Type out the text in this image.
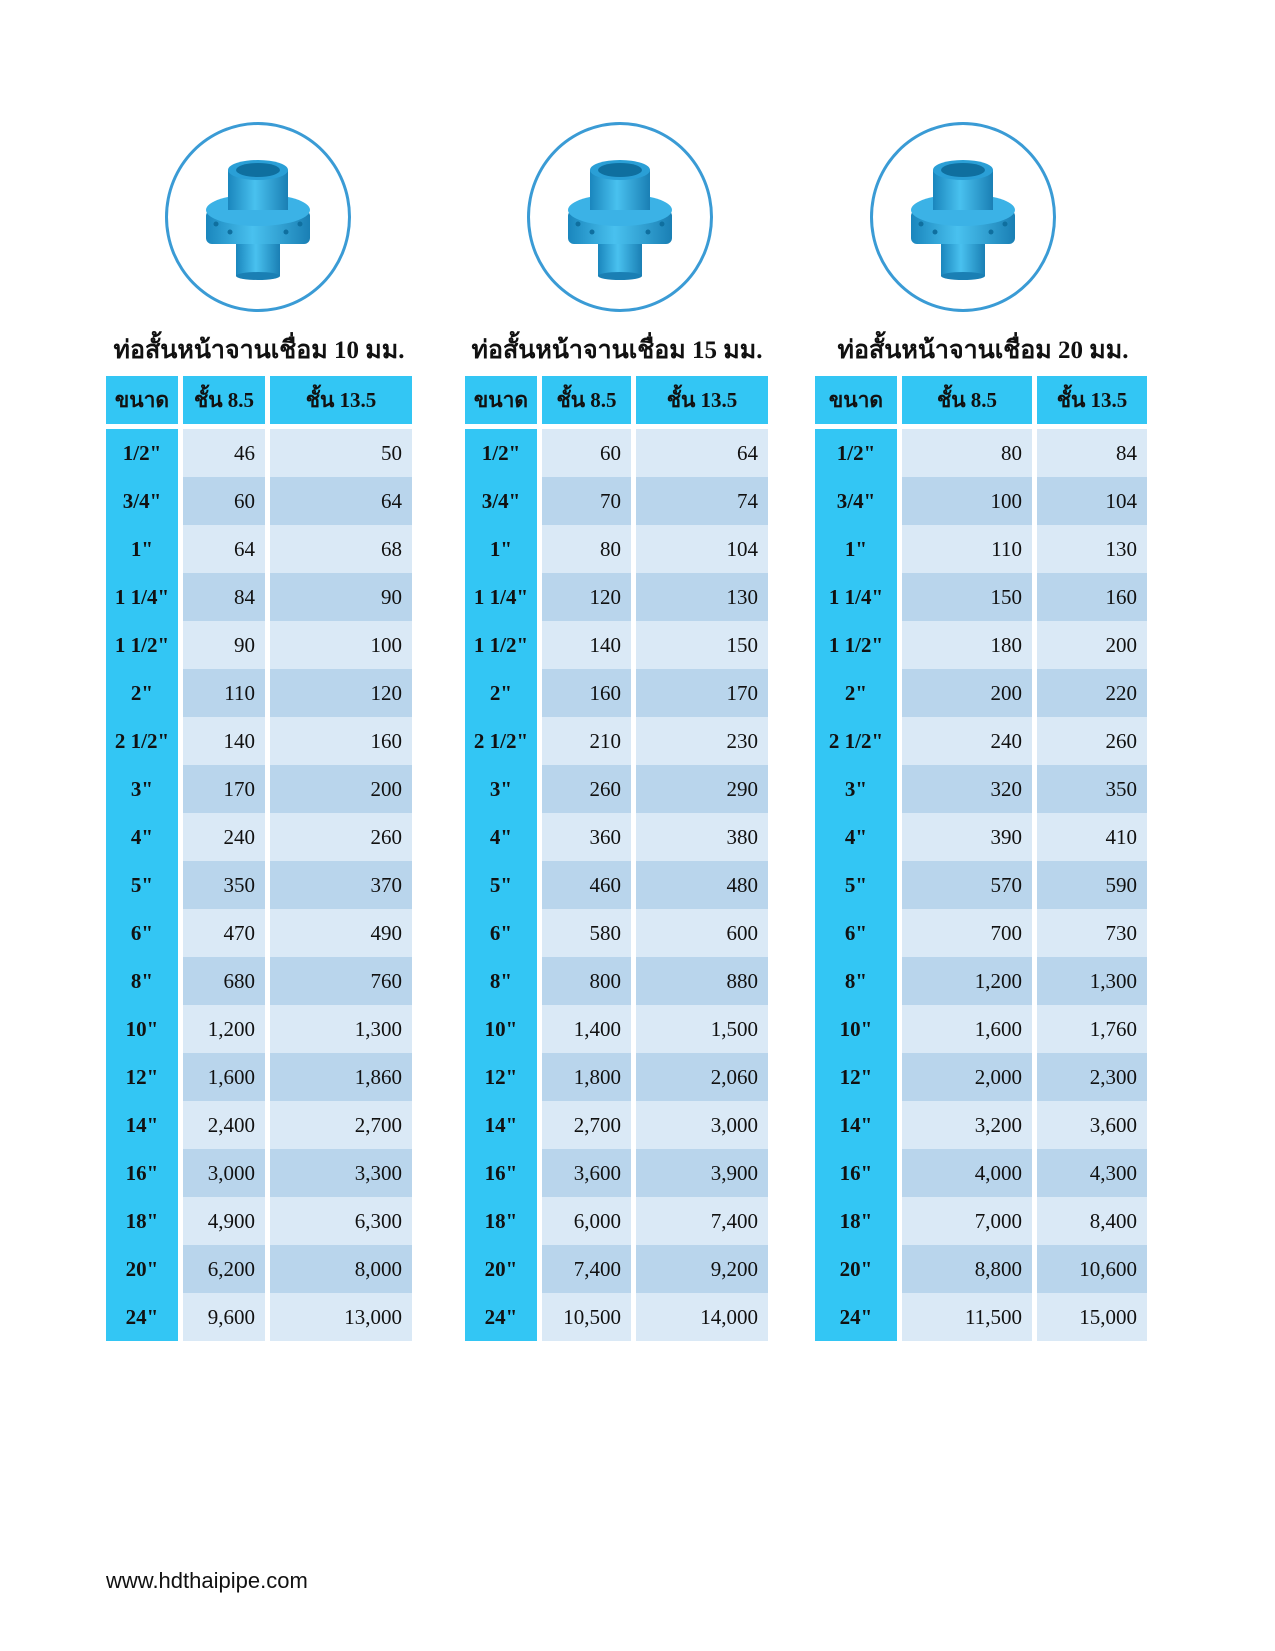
ท่อสั้นหน้าจานเชื่อม 10 มม.	ท่อสั้นหน้าจานเชื่อม 15 มม.	ท่อสั้นหน้าจานเชื่อม 20 มม.
ขนาด	ชั้น 8.5	ชั้น 13.5
1/2"	46	50
3/4"	60	64
1"	64	68
1 1/4"	84	90
1 1/2"	90	100
2"	110	120
2 1/2"	140	160
3"	170	200
4"	240	260
5"	350	370
6"	470	490
8"	680	760
10"	1,200	1,300
12"	1,600	1,860
14"	2,400	2,700
16"	3,000	3,300
18"	4,900	6,300
20"	6,200	8,000
24"	9,600	13,000
ขนาด	ชั้น 8.5	ชั้น 13.5
1/2"	60	64
3/4"	70	74
1"	80	104
1 1/4"	120	130
1 1/2"	140	150
2"	160	170
2 1/2"	210	230
3"	260	290
4"	360	380
5"	460	480
6"	580	600
8"	800	880
10"	1,400	1,500
12"	1,800	2,060
14"	2,700	3,000
16"	3,600	3,900
18"	6,000	7,400
20"	7,400	9,200
24"	10,500	14,000
ขนาด	ชั้น 8.5	ชั้น 13.5
1/2"	80	84
3/4"	100	104
1"	110	130
1 1/4"	150	160
1 1/2"	180	200
2"	200	220
2 1/2"	240	260
3"	320	350
4"	390	410
5"	570	590
6"	700	730
8"	1,200	1,300
10"	1,600	1,760
12"	2,000	2,300
14"	3,200	3,600
16"	4,000	4,300
18"	7,000	8,400
20"	8,800	10,600
24"	11,500	15,000
www.hdthaipipe.com
